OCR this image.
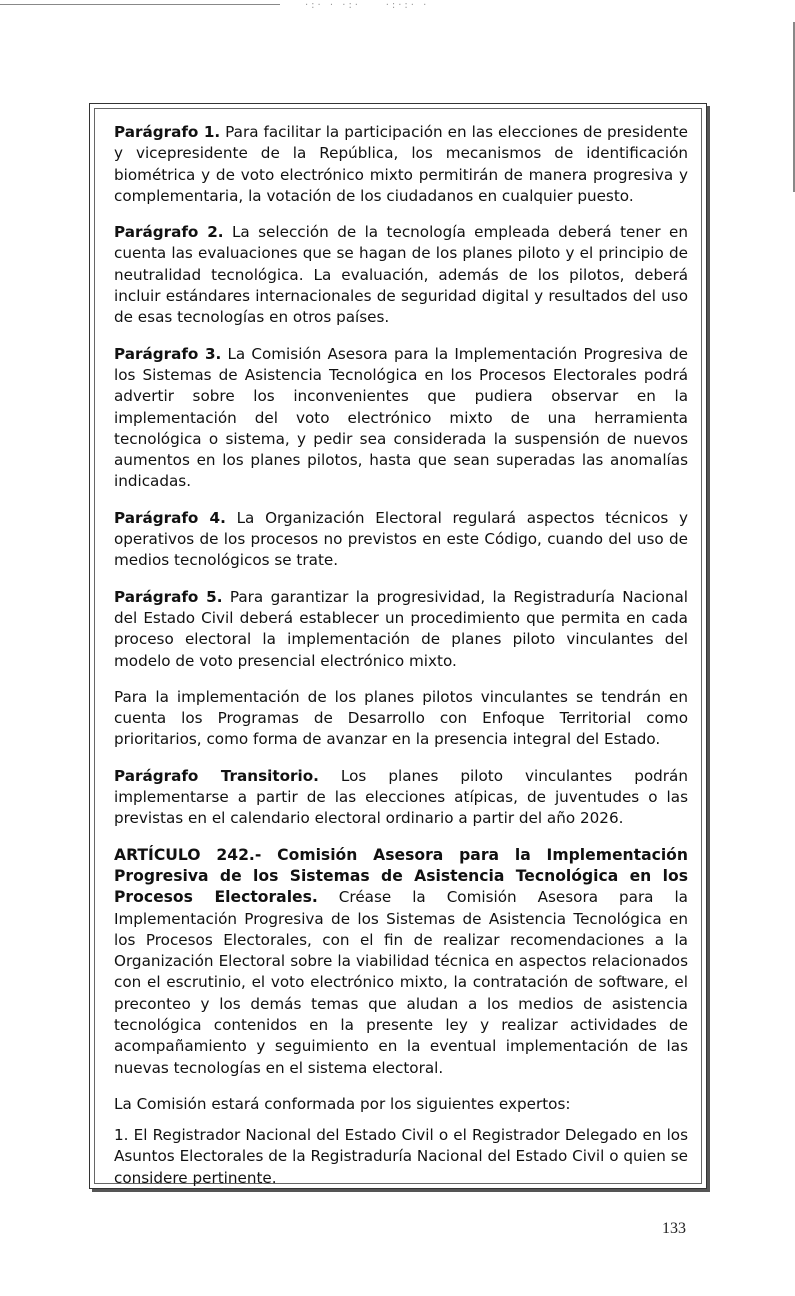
·:· · ·:·    ·:·:· ·

Parágrafo 1. Para facilitar la participación en las elecciones de presidente y vicepresidente de la República, los mecanismos de identificación biométrica y de voto electrónico mixto permitirán de manera progresiva y complementaria, la votación de los ciudadanos en cualquier puesto.

Parágrafo 2. La selección de la tecnología empleada deberá tener en cuenta las evaluaciones que se hagan de los planes piloto y el principio de neutralidad tecnológica. La evaluación, además de los pilotos, deberá incluir estándares internacionales de seguridad digital y resultados del uso de esas tecnologías en otros países.

Parágrafo 3. La Comisión Asesora para la Implementación Progresiva de los Sistemas de Asistencia Tecnológica en los Procesos Electorales podrá advertir sobre los inconvenientes que pudiera observar en la implementación del voto electrónico mixto de una herramienta tecnológica o sistema, y pedir sea considerada la suspensión de nuevos aumentos en los planes pilotos, hasta que sean superadas las anomalías indicadas.

Parágrafo 4. La Organización Electoral regulará aspectos técnicos y operativos de los procesos no previstos en este Código, cuando del uso de medios tecnológicos se trate.

Parágrafo 5. Para garantizar la progresividad, la Registraduría Nacional del Estado Civil deberá establecer un procedimiento que permita en cada proceso electoral la implementación de planes piloto vinculantes del modelo de voto presencial electrónico mixto.

Para la implementación de los planes pilotos vinculantes se tendrán en cuenta los Programas de Desarrollo con Enfoque Territorial como prioritarios, como forma de avanzar en la presencia integral del Estado.

Parágrafo Transitorio. Los planes piloto vinculantes podrán implementarse a partir de las elecciones atípicas, de juventudes o las previstas en el calendario electoral ordinario a partir del año 2026.

ARTÍCULO 242.- Comisión Asesora para la Implementación Progresiva de los Sistemas de Asistencia Tecnológica en los Procesos Electorales. Créase la Comisión Asesora para la Implementación Progresiva de los Sistemas de Asistencia Tecnológica en los Procesos Electorales, con el fin de realizar recomendaciones a la Organización Electoral sobre la viabilidad técnica en aspectos relacionados con el escrutinio, el voto electrónico mixto, la contratación de software, el preconteo y los demás temas que aludan a los medios de asistencia tecnológica contenidos en la presente ley y realizar actividades de acompañamiento y seguimiento en la eventual implementación de las nuevas tecnologías en el sistema electoral.

La Comisión estará conformada por los siguientes expertos:

1. El Registrador Nacional del Estado Civil o el Registrador Delegado en los Asuntos Electorales de la Registraduría Nacional del Estado Civil o quien se considere pertinente.

133
